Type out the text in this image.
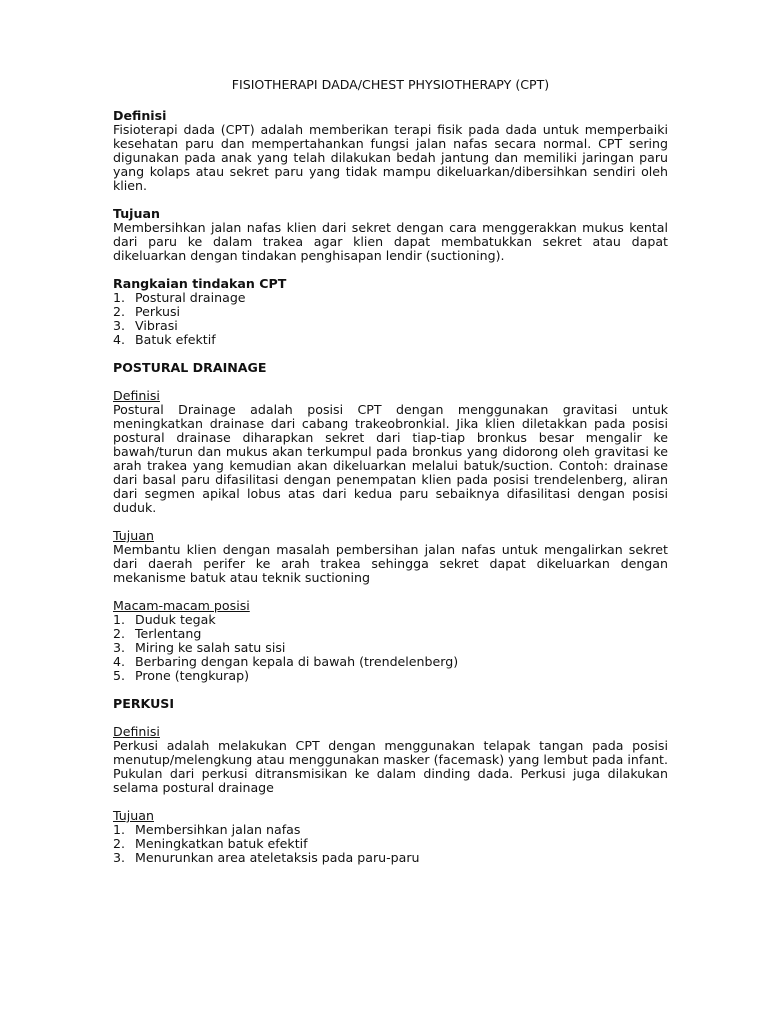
FISIOTHERAPI DADA/CHEST PHYSIOTHERAPY (CPT)
Definisi

Fisioterapi dada (CPT) adalah memberikan terapi fisik pada dada untuk memperbaiki kesehatan paru dan mempertahankan fungsi jalan nafas secara normal. CPT sering digunakan pada anak yang telah dilakukan bedah jantung dan memiliki jaringan paru yang kolaps atau sekret paru yang tidak mampu dikeluarkan/dibersihkan sendiri oleh klien.

Tujuan

Membersihkan jalan nafas klien dari sekret dengan cara menggerakkan mukus kental dari paru ke dalam trakea agar klien dapat membatukkan sekret atau dapat dikeluarkan dengan tindakan penghisapan lendir (suctioning).

Rangkaian tindakan CPT
1. Postural drainage
2. Perkusi
3. Vibrasi
4. Batuk efektif
POSTURAL DRAINAGE
Definisi

Postural Drainage adalah posisi CPT dengan menggunakan gravitasi untuk meningkatkan drainase dari cabang trakeobronkial. Jika klien diletakkan pada posisi postural drainase diharapkan sekret dari tiap-tiap bronkus besar mengalir ke bawah/turun dan mukus akan terkumpul pada bronkus yang didorong oleh gravitasi ke arah trakea yang kemudian akan dikeluarkan melalui batuk/suction. Contoh: drainase dari basal paru difasilitasi dengan penempatan klien pada posisi trendelenberg, aliran dari segmen apikal lobus atas dari kedua paru sebaiknya difasilitasi dengan posisi duduk.

Tujuan

Membantu klien dengan masalah pembersihan jalan nafas untuk mengalirkan sekret dari daerah perifer ke arah trakea sehingga sekret dapat dikeluarkan dengan mekanisme batuk atau teknik suctioning

Macam-macam posisi
1. Duduk tegak
2. Terlentang
3. Miring ke salah satu sisi
4. Berbaring dengan kepala di bawah (trendelenberg)
5. Prone (tengkurap)
PERKUSI
Definisi

Perkusi adalah melakukan CPT dengan menggunakan telapak tangan pada posisi menutup/melengkung atau menggunakan masker (facemask) yang lembut pada infant. Pukulan dari perkusi ditransmisikan ke dalam dinding dada. Perkusi juga dilakukan selama postural drainage

Tujuan
1. Membersihkan jalan nafas
2. Meningkatkan batuk efektif
3. Menurunkan area ateletaksis pada paru-paru
